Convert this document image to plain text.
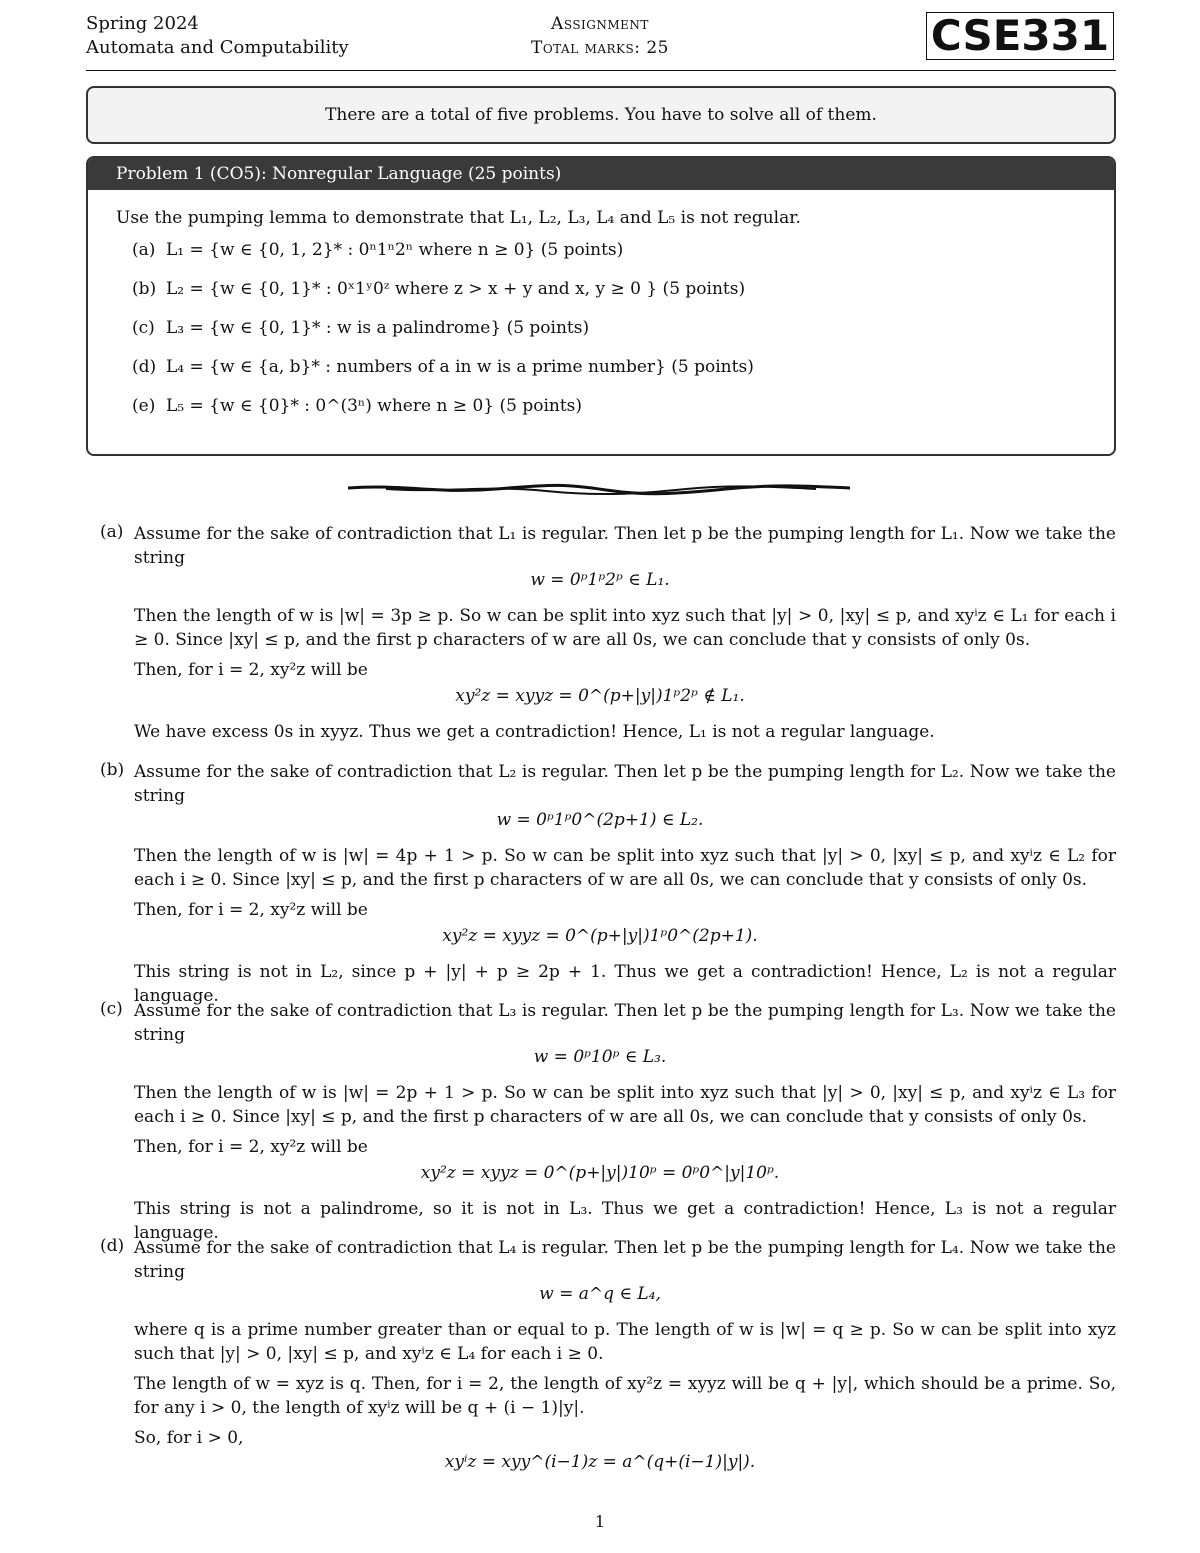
Spring 2024
Automata and Computability
Assignment
Total marks: 25	CSE331
There are a total of five problems. You have to solve all of them.
Problem 1 (CO5): Nonregular Language (25 points)
Use the pumping lemma to demonstrate that L₁, L₂, L₃, L₄ and L₅ is not regular.
(a) L₁ = {w ∈ {0, 1, 2}* : 0ⁿ1ⁿ2ⁿ where n ≥ 0} (5 points)
(b) L₂ = {w ∈ {0, 1}* : 0ˣ1ʸ0ᶻ where z > x + y and x, y ≥ 0 } (5 points)
(c) L₃ = {w ∈ {0, 1}* : w is a palindrome} (5 points)
(d) L₄ = {w ∈ {a, b}* : numbers of a in w is a prime number} (5 points)
(e) L₅ = {w ∈ {0}* : 0^(3ⁿ) where n ≥ 0} (5 points)
(a) Assume for the sake of contradiction that L₁ is regular. Then let p be the pumping length for L₁. Now we take the string
w = 0ᵖ1ᵖ2ᵖ ∈ L₁.
Then the length of w is |w| = 3p ≥ p. So w can be split into xyz such that |y| > 0, |xy| ≤ p, and xyⁱz ∈ L₁ for each i ≥ 0. Since |xy| ≤ p, and the first p characters of w are all 0s, we can conclude that y consists of only 0s.
Then, for i = 2, xy²z will be
xy²z = xyyz = 0^(p+|y|)1ᵖ2ᵖ ∉ L₁.
We have excess 0s in xyyz. Thus we get a contradiction! Hence, L₁ is not a regular language.
(b) Assume for the sake of contradiction that L₂ is regular. Then let p be the pumping length for L₂. Now we take the string
w = 0ᵖ1ᵖ0^(2p+1) ∈ L₂.
Then the length of w is |w| = 4p + 1 > p. So w can be split into xyz such that |y| > 0, |xy| ≤ p, and xyⁱz ∈ L₂ for each i ≥ 0. Since |xy| ≤ p, and the first p characters of w are all 0s, we can conclude that y consists of only 0s.
Then, for i = 2, xy²z will be
xy²z = xyyz = 0^(p+|y|)1ᵖ0^(2p+1).
This string is not in L₂, since p + |y| + p ≥ 2p + 1. Thus we get a contradiction! Hence, L₂ is not a regular language.
(c) Assume for the sake of contradiction that L₃ is regular. Then let p be the pumping length for L₃. Now we take the string
w = 0ᵖ10ᵖ ∈ L₃.
Then the length of w is |w| = 2p + 1 > p. So w can be split into xyz such that |y| > 0, |xy| ≤ p, and xyⁱz ∈ L₃ for each i ≥ 0. Since |xy| ≤ p, and the first p characters of w are all 0s, we can conclude that y consists of only 0s.
Then, for i = 2, xy²z will be
xy²z = xyyz = 0^(p+|y|)10ᵖ = 0ᵖ0^|y|10ᵖ.
This string is not a palindrome, so it is not in L₃. Thus we get a contradiction! Hence, L₃ is not a regular language.
(d) Assume for the sake of contradiction that L₄ is regular. Then let p be the pumping length for L₄. Now we take the string
w = a^q ∈ L₄,
where q is a prime number greater than or equal to p. The length of w is |w| = q ≥ p. So w can be split into xyz such that |y| > 0, |xy| ≤ p, and xyⁱz ∈ L₄ for each i ≥ 0.
The length of w = xyz is q. Then, for i = 2, the length of xy²z = xyyz will be q + |y|, which should be a prime. So, for any i > 0, the length of xyⁱz will be q + (i − 1)|y|.
So, for i > 0,
xyⁱz = xyy^(i−1)z = a^(q+(i−1)|y|).
1
